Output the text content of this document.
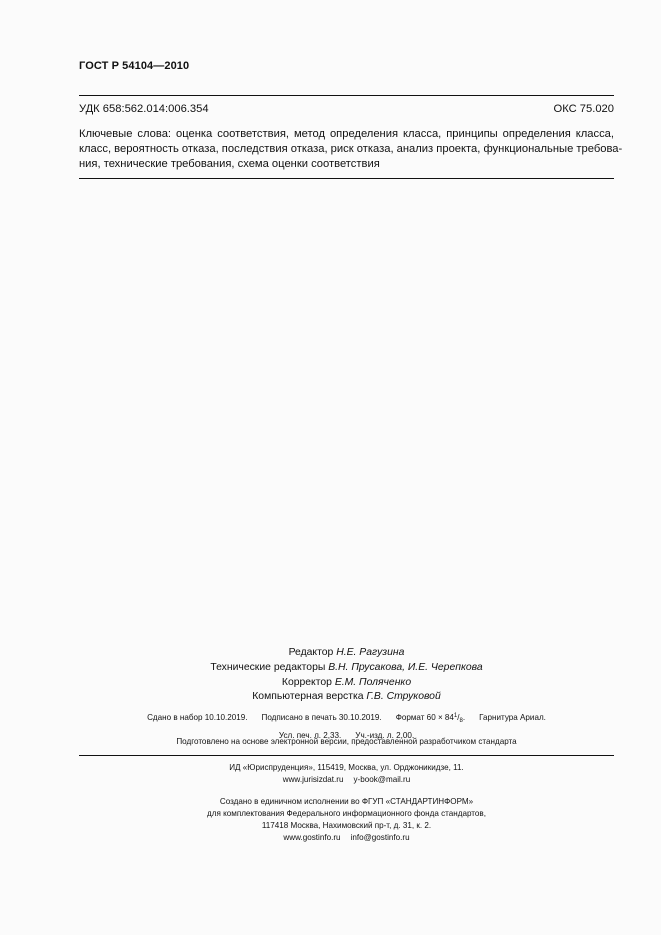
ГОСТ Р 54104—2010
УДК 658:562.014:006.354	ОКС 75.020
Ключевые слова: оценка соответствия, метод определения класса, принципы определения класса,
класс, вероятность отказа, последствия отказа, риск отказа, анализ проекта, функциональные требова-
ния, технические требования, схема оценки соответствия
Редактор Н.Е. Рагузина
Технические редакторы В.Н. Прусакова, И.Е. Черепкова
Корректор Е.М. Поляченко
Компьютерная верстка Г.В. Струковой
Сдано в набор 10.10.2019. Подписано в печать 30.10.2019. Формат $60 \times 84^1/_8$. Гарнитура Ариал.
Усл. печ. л. 2,33. Уч.-изд. л. 2,00.
Подготовлено на основе электронной версии, предоставленной разработчиком стандарта
ИД «Юриспруденция», 115419, Москва, ул. Орджоникидзе, 11.
www.jurisizdat.ru y-book@mail.ru
Создано в единичном исполнении во ФГУП «СТАНДАРТИНФОРМ»
для комплектования Федерального информационного фонда стандартов,
117418 Москва, Нахимовский пр-т, д. 31, к. 2.
www.gostinfo.ru info@gostinfo.ru
